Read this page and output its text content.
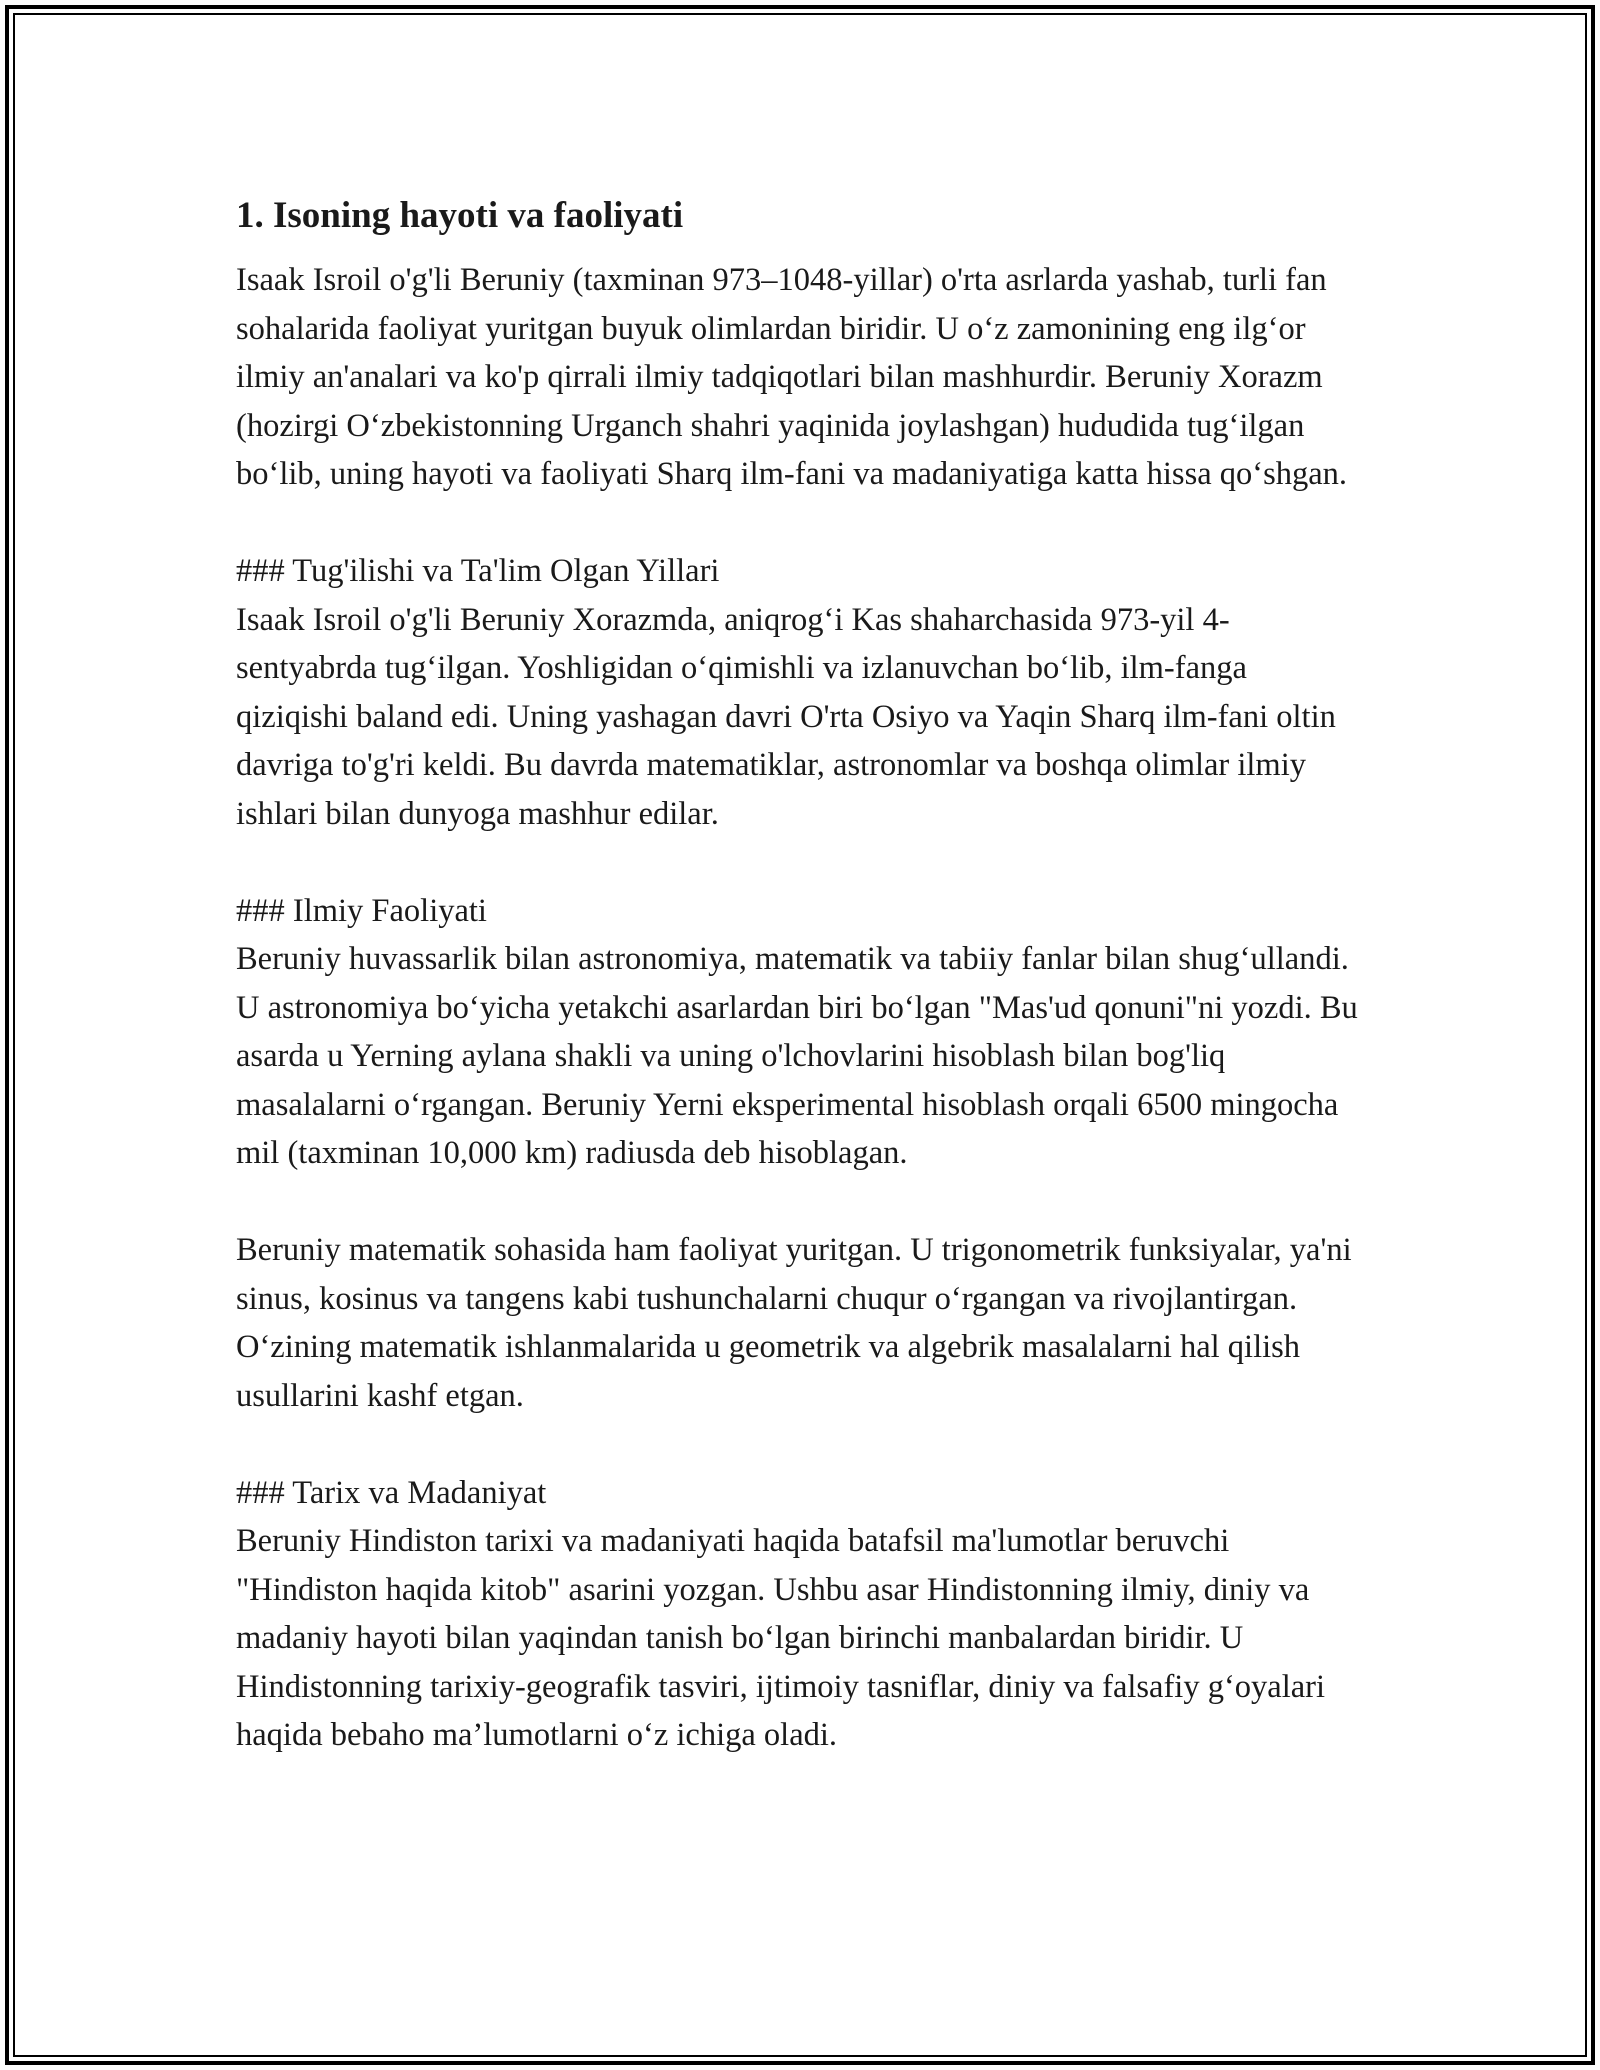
1. Isoning hayoti va faoliyati

Isaak Isroil o'g'li Beruniy (taxminan 973–1048-yillar) o'rta asrlarda yashab, turli fan sohalarida faoliyat yuritgan buyuk olimlardan biridir. U o‘z zamonining eng ilg‘or ilmiy an'analari va ko'p qirrali ilmiy tadqiqotlari bilan mashhurdir. Beruniy Xorazm (hozirgi O‘zbekistonning Urganch shahri yaqinida joylashgan) hududida tug‘ilgan bo‘lib, uning hayoti va faoliyati Sharq ilm-fani va madaniyatiga katta hissa qo‘shgan.

### Tug'ilishi va Ta'lim Olgan Yillari

Isaak Isroil o'g'li Beruniy Xorazmda, aniqrog‘i Kas shaharchasida 973-yil 4-sentyabrda tug‘ilgan. Yoshligidan o‘qimishli va izlanuvchan bo‘lib, ilm-fanga qiziqishi baland edi. Uning yashagan davri O'rta Osiyo va Yaqin Sharq ilm-fani oltin davriga to'g'ri keldi. Bu davrda matematiklar, astronomlar va boshqa olimlar ilmiy ishlari bilan dunyoga mashhur edilar.

### Ilmiy Faoliyati

Beruniy huvassarlik bilan astronomiya, matematik va tabiiy fanlar bilan shug‘ullandi. U astronomiya bo‘yicha yetakchi asarlardan biri bo‘lgan "Mas'ud qonuni"ni yozdi. Bu asarda u Yerning aylana shakli va uning o'lchovlarini hisoblash bilan bog'liq masalalarni o‘rgangan. Beruniy Yerni eksperimental hisoblash orqali 6500 mingocha mil (taxminan 10,000 km) radiusda deb hisoblagan.

Beruniy matematik sohasida ham faoliyat yuritgan. U trigonometrik funksiyalar, ya'ni sinus, kosinus va tangens kabi tushunchalarni chuqur o‘rgangan va rivojlantirgan. O‘zining matematik ishlanmalarida u geometrik va algebrik masalalarni hal qilish usullarini kashf etgan.

### Tarix va Madaniyat

Beruniy Hindiston tarixi va madaniyati haqida batafsil ma'lumotlar beruvchi "Hindiston haqida kitob" asarini yozgan. Ushbu asar Hindistonning ilmiy, diniy va madaniy hayoti bilan yaqindan tanish bo‘lgan birinchi manbalardan biridir. U Hindistonning tarixiy-geografik tasviri, ijtimoiy tasniflar, diniy va falsafiy g‘oyalari haqida bebaho ma’lumotlarni o‘z ichiga oladi.
